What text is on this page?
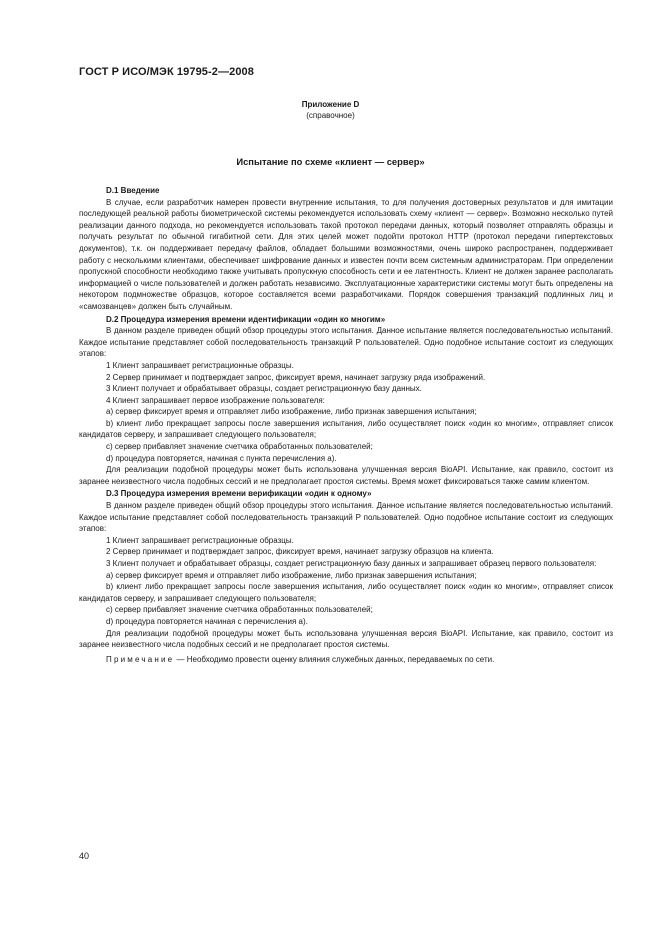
ГОСТ Р ИСО/МЭК 19795-2—2008
Приложение D
(справочное)
Испытание по схеме «клиент — сервер»

D.1 Введение

В случае, если разработчик намерен провести внутренние испытания, то для получения достоверных результатов и для имитации последующей реальной работы биометрической системы рекомендуется использовать схему «клиент — сервер». Возможно несколько путей реализации данного подхода, но рекомендуется использовать такой протокол передачи данных, который позволяет отправлять образцы и получать результат по обычной гигабитной сети. Для этих целей может подойти протокол HTTP (протокол передачи гипертекстовых документов), т.к. он поддерживает передачу файлов, обладает большими возможностями, очень широко распространен, поддерживает работу с несколькими клиентами, обеспечивает шифрование данных и известен почти всем системным администраторам. При определении пропускной способности необходимо также учитывать пропускную способность сети и ее латентность. Клиент не должен заранее располагать информацией о числе пользователей и должен работать независимо. Эксплуатационные характеристики системы могут быть определены на некотором подмножестве образцов, которое составляется всеми разработчиками. Порядок совершения транзакций подлинных лиц и «самозванцев» должен быть случайным.

D.2 Процедура измерения времени идентификации «один ко многим»

В данном разделе приведен общий обзор процедуры этого испытания. Данное испытание является последовательностью испытаний. Каждое испытание представляет собой последовательность транзакций P пользователей. Одно подобное испытание состоит из следующих этапов:

1 Клиент запрашивает регистрационные образцы.

2 Сервер принимает и подтверждает запрос, фиксирует время, начинает загрузку ряда изображений.

3 Клиент получает и обрабатывает образцы, создает регистрационную базу данных.

4 Клиент запрашивает первое изображение пользователя:

a) сервер фиксирует время и отправляет либо изображение, либо признак завершения испытания;

b) клиент либо прекращает запросы после завершения испытания, либо осуществляет поиск «один ко многим», отправляет список кандидатов серверу, и запрашивает следующего пользователя;

c) сервер прибавляет значение счетчика обработанных пользователей;

d) процедура повторяется, начиная с пункта перечисления а).

Для реализации подобной процедуры может быть использована улучшенная версия BioAPI. Испытание, как правило, состоит из заранее неизвестного числа подобных сессий и не предполагает простоя системы. Время может фиксироваться также самим клиентом.

D.3 Процедура измерения времени верификации «один к одному»

В данном разделе приведен общий обзор процедуры этого испытания. Данное испытание является последовательностью испытаний. Каждое испытание представляет собой последовательность транзакций P пользователей. Одно подобное испытание состоит из следующих этапов:

1 Клиент запрашивает регистрационные образцы.

2 Сервер принимает и подтверждает запрос, фиксирует время, начинает загрузку образцов на клиента.

3 Клиент получает и обрабатывает образцы, создает регистрационную базу данных и запрашивает образец первого пользователя:

a) сервер фиксирует время и отправляет либо изображение, либо признак завершения испытания;

b) клиент либо прекращает запросы после завершения испытания, либо осуществляет поиск «один ко многим», отправляет список кандидатов серверу, и запрашивает следующего пользователя;

c) сервер прибавляет значение счетчика обработанных пользователей;

d) процедура повторяется начиная с перечисления а).

Для реализации подобной процедуры может быть использована улучшенная версия BioAPI. Испытание, как правило, состоит из заранее неизвестного числа подобных сессий и не предполагает простоя системы.

Примечание — Необходимо провести оценку влияния служебных данных, передаваемых по сети.

40
